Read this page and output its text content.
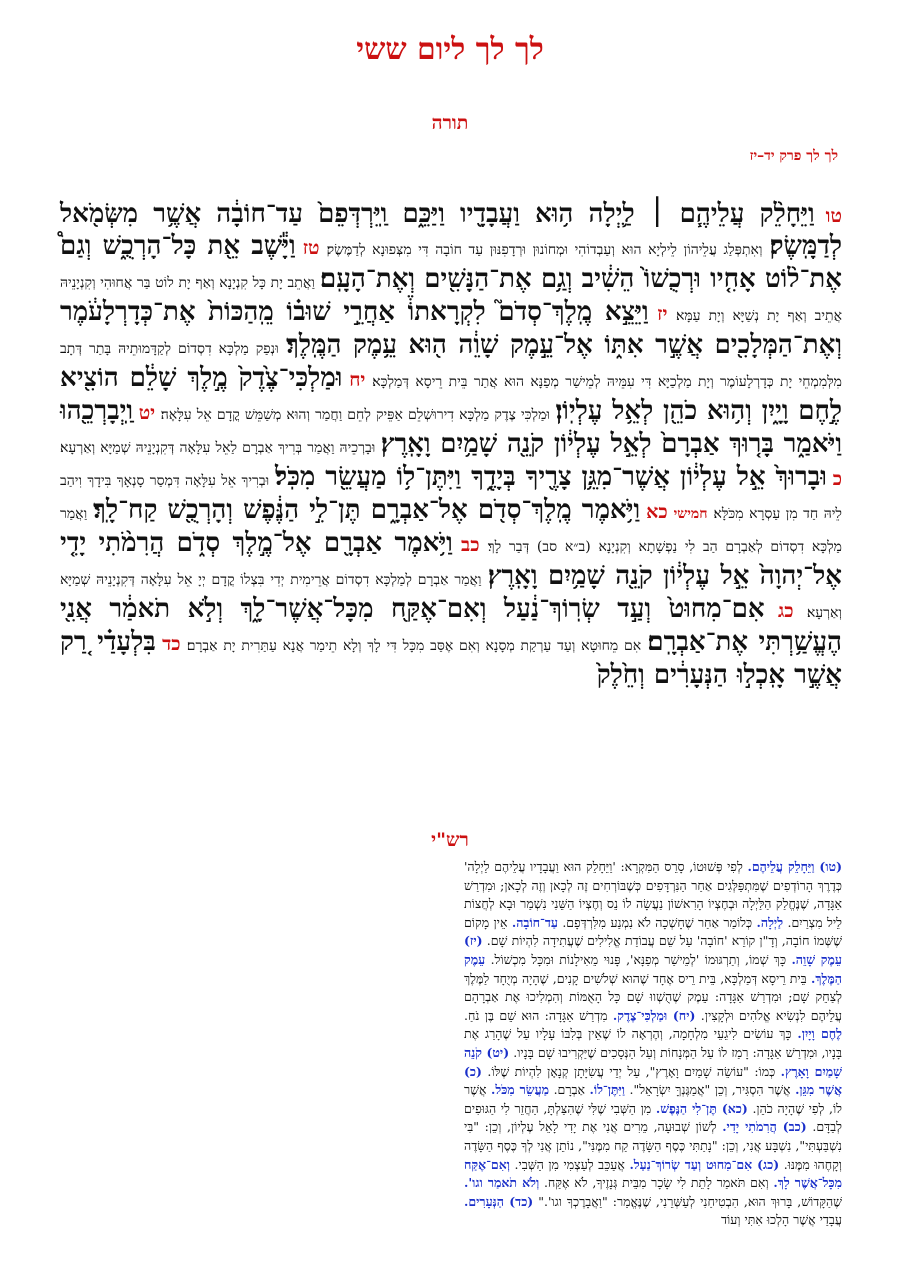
לך לך ליום ששי
תורה
לך לך פרק יד–יז
טו וַיֵּחָלֵ֨ק עֲלֵיהֶ֧ם ׀ לַ֛יְלָה ה֥וּא וַעֲבָדָ֖יו וַיַּכֵּ֑ם וַֽיִּרְדְּפֵם֙ עַד־חוֹבָ֔ה אֲשֶׁ֥ר מִשְּׂמֹ֖אל לְדַמָּֽשֶׂק׃ וְאִתְפְּלַג עֲלֵיהוֹן לֵילְיָא הוּא וְעַבְדוֹהִי וּמְחוֹנוּן וּרְדָפִנּוּן עַד חוֹבָה דִּי מִצְּפוּנָא לְדַמֶּשֶׂק׃ טז וַיָּ֕שֶׁב אֵ֖ת כָּל־הָרְכֻ֑שׁ וְגַם֩ אֶת־ל֨וֹט אָחִ֤יו וּרְכֻשׁוֹ֙ הֵשִׁ֔יב וְגַ֥ם אֶת־הַנָּשִׁ֖ים וְאֶת־הָעָֽם׃ וַאֲתֵב יָת כָּל קִנְיָנָא וְאַף יָת לוֹט בַּר אֲחוּהִי וְקִנְיָנֵיהּ אֲתֵיב וְאַף יָת נְשַׁיָּא וְיָת עַמָּא׃ יז וַיֵּצֵ֣א מֶֽלֶךְ־סְדֹם֮ לִקְרָאתוֹ֒ אַחֲרֵ֣י שׁוּב֗וֹ מֵֽהַכּוֹת֙ אֶת־כְּדָרְלָעֹ֔מֶר וְאֶת־הַמְּלָכִ֖ים אֲשֶׁ֣ר אִתּ֑וֹ אֶל־עֵ֣מֶק שָׁוֵ֔ה ה֖וּא עֵ֥מֶק הַמֶּֽלֶךְ׃ וּנְפַק מַלְכָּא דִסְדוֹם לְקַדָּמוּתֵיהּ בָּתַר דְּתָב מִלְּמִמְחֵי יָת כְּדָרְלָעוֹמֶר וְיָת מַלְכַיָּא דִּי עִמֵּיהּ לְמֵישַׁר מְפַנָּא הוּא אֲתַר בֵּית רֵיסָא דְּמַלְכָּא׃ יח וּמַלְכִּי־צֶ֙דֶק֙ מֶ֣לֶךְ שָׁלֵ֔ם הוֹצִ֖יא לֶ֣חֶם וָיָ֑יִן וְה֥וּא כֹהֵ֖ן לְאֵ֥ל עֶלְיֽוֹן׃ וּמַלְכִּי צֶדֶק מַלְכָּא דִירוּשְׁלֵם אַפֵּיק לְחֵם וַחֲמַר וְהוּא מְשַׁמֵּשׁ קֳדָם אֵל עִלָּאָה׃ יט וַֽיְבָרְכֵ֖הוּ וַיֹּאמַ֑ר בָּר֤וּךְ אַבְרָם֙ לְאֵ֣ל עֶלְי֔וֹן קֹנֵ֖ה שָׁמַ֥יִם וָאָֽרֶץ׃ וּבָרְכֵיהּ וַאֲמַר בְּרִיךְ אַבְרָם לַאֵל עִלָּאָה דְּקִנְיָנֵיהּ שְׁמַיָּא וְאַרְעָא׃ כ וּבָרוּךְ֙ אֵ֣ל עֶלְי֔וֹן אֲשֶׁר־מִגֵּ֥ן צָרֶ֖יךָ בְּיָדֶ֑ךָ וַיִּתֶּן־ל֥וֹ מַעֲשֵׂ֖ר מִכֹּֽל׃ וּבְרִיךְ אֵל עִלָּאָה דִּמְסַר סָנְאָךְ בִּידָךְ וִיהַב לֵיהּ חַד מִן עַסְרָא מִכֹּלָּא׃ חמישי כא וַיֹּ֥אמֶר מֶֽלֶךְ־סְדֹ֖ם אֶל־אַבְרָ֑ם תֶּן־לִ֣י הַנֶּ֔פֶשׁ וְהָרְכֻ֖שׁ קַח־לָֽךְ׃ וַאֲמַר מַלְכָּא דִסְדוֹם לְאַבְרָם הַב לִי נַפְשָׁתָא וְקִנְיָנָא (ב״א סב) דְּבַר לָךְ׃ כב וַיֹּ֥אמֶר אַבְרָ֖ם אֶל־מֶ֣לֶךְ סְדֹ֑ם הֲרִמֹ֨תִי יָדִ֤י אֶל־יְהוָה֙ אֵ֣ל עֶלְי֔וֹן קֹנֵ֖ה שָׁמַ֥יִם וָאָֽרֶץ׃ וַאֲמַר אַבְרָם לְמַלְכָּא דִסְדוֹם אֲרֵימִית יְדִי בִּצְלוֹ קֳדָם יְיָ אֵל עִלָּאָה דְּקִנְיָנֵיהּ שְׁמַיָּא וְאַרְעָא׃ כג אִם־מִחוּט֙ וְעַ֣ד שְׂרֽוֹךְ־נַ֔עַל וְאִם־אֶקַּ֖ח מִכָּל־אֲשֶׁר־לָ֑ךְ וְלֹ֣א תֹאמַ֔ר אֲנִ֖י הֶעֱשַׁ֥רְתִּי אֶת־אַבְרָֽם׃ אִם מֵחוּטָא וְעַד עַרְקַת מְסָנָא וְאִם אֶסַּב מִכָּל דִּי לָךְ וְלָא תֵימַר אֲנָא עַתַּרִית יָת אַבְרָם׃ כד בִּלְעָדַ֗י רַ֚ק אֲשֶׁ֣ר אָֽכְל֣וּ הַנְּעָרִ֔ים וְחֵ֙לֶק֙
רש"י
(טו) וַיֵּחָלֵק עֲלֵיהֶם. לְפִי פְּשׁוּטוֹ, סָרֵס הַמִּקְרָא: 'וַיֵּחָלֵק הוּא וַעֲבָדָיו עֲלֵיהֶם לַיְלָה' כְּדֶרֶךְ הָרוֹדְפִים שֶׁמִּתְפַּלְּגִים אַחַר הַנִּרְדָּפִים כְּשֶׁבּוֹרְחִים זֶה לְכָאן וְזֶה לְכָאן; וּמִדְרַשׁ אַגָּדָה, שֶׁנֶּחֱלַק הַלַּיְלָה וּבְחֶצְיוֹ הָרִאשׁוֹן נַעֲשָׂה לוֹ נֵס וְחֶצְיוֹ הַשֵּׁנִי נִשְׁמַר וּבָא לְחֲצוֹת לֵיל מִצְרַיִם. לַיְלָה. כְּלוֹמַר אַחַר שֶׁחָשְׁכָה לֹא נִמְנַע מִלִּרְדְּפָם. עַד־חוֹבָה. אֵין מָקוֹם שֶׁשְּׁמוֹ חוֹבָה, וְדָ"ן קוֹרֵא 'חוֹבָה' עַל שֵׁם עֲבוֹדַת אֱלִילִים שֶׁעֲתִידָה לִהְיוֹת שָׁם. (יז) עֵמֶק שָׁוֵה. כָּךְ שְׁמוֹ, וְתַרְגּוּמוֹ 'לְמֵישַׁר מְפַנָּא', פָּנוּי מֵאִילָנוֹת וּמִכָּל מִכְשׁוֹל. עֵמֶק הַמֶּלֶךְ. בֵּית רֵיסָא דְּמַלְכָּא, בֵּית רֵיס אֶחָד שֶׁהוּא שְׁלֹשִׁים קָנִים, שֶׁהָיָה מְיֻחָד לַמֶּלֶךְ לְצַחֵק שָׁם; וּמִדְרַשׁ אַגָּדָה: עֵמֶק שֶׁהֻשְׁווּ שָׁם כָּל הָאֻמּוֹת וְהִמְלִיכוּ אֶת אַבְרָהָם עֲלֵיהֶם לִנְשִׂיא אֱלֹהִים וּלְקָצִין. (יח) וּמַלְכִּי־צֶדֶק. מִדְרַשׁ אַגָּדָה: הוּא שֵׁם בֶּן נֹחַ. לֶחֶם וָיָיִן. כָּךְ עוֹשִׂים לִיגֵעֵי מִלְחָמָה, וְהֶרְאָה לוֹ שֶׁאֵין בְּלִבּוֹ עָלָיו עַל שֶׁהָרַג אֶת בָּנָיו, וּמִדְרַשׁ אַגָּדָה: רָמַז לוֹ עַל הַמְּנָחוֹת וְעַל הַנְּסָכִים שֶׁיַּקְרִיבוּ שָׁם בָּנָיו. (יט) קֹנֵה שָׁמַיִם וָאָרֶץ. כְּמוֹ: "עוֹשֵׂה שָׁמַיִם וָאָרֶץ", עַל יְדֵי עֲשִׂיָּתָן קְנָאָן לִהְיוֹת שֶׁלּוֹ. (כ) אֲשֶׁר מִגֵּן. אֲשֶׁר הִסְגִּיר, וְכֵן "אֲמַגֶּנְךָּ יִשְׂרָאֵל". וַיִּתֶּן־לוֹ. אַבְרָם. מַעֲשֵׂר מִכֹּל. אֲשֶׁר לוֹ, לְפִי שֶׁהָיָה כֹהֵן. (כא) תֶּן־לִי הַנֶּפֶשׁ. מִן הַשְּׁבִי שֶׁלִּי שֶׁהִצַּלְתָּ, הַחֲזֵר לִי הַגּוּפִים לְבַדָּם. (כב) הֲרִמֹתִי יָדִי. לְשׁוֹן שְׁבוּעָה, מֵרִים אֲנִי אֶת יָדִי לָאֵל עֶלְיוֹן, וְכֵן: "בִּי נִשְׁבַּעְתִּי", נִשְׁבָּע אֲנִי, וְכֵן: "נָתַתִּי כֶּסֶף הַשָּׂדֶה קַח מִמֶּנִּי", נוֹתֵן אֲנִי לְךָ כֶּסֶף הַשָּׂדֶה וְקָחֶהוּ מִמֶּנּוּ. (כג) אִם־מִחוּט וְעַד שְׂרוֹךְ־נַעַל. אֲעַכֵּב לְעַצְמִי מִן הַשְּׁבִי. וְאִם־אֶקַּח מִכָּל־אֲשֶׁר לָךְ. וְאִם תֹּאמַר לָתֵת לִי שָׂכָר מִבֵּית גְּנָזֶיךָ, לֹא אֶקַּח. וְלֹא תֹאמַר וגו'. שֶׁהַקָּדוֹשׁ, בָּרוּךְ הוּא, הִבְטִיחַנִי לְעַשְּׁרֵנִי, שֶׁנֶּאֱמַר: "וַאֲבָרֶכְךָ וגו'." (כד) הַנְּעָרִים. עֲבָדַי אֲשֶׁר הָלְכוּ אִתִּי וְעוֹד
